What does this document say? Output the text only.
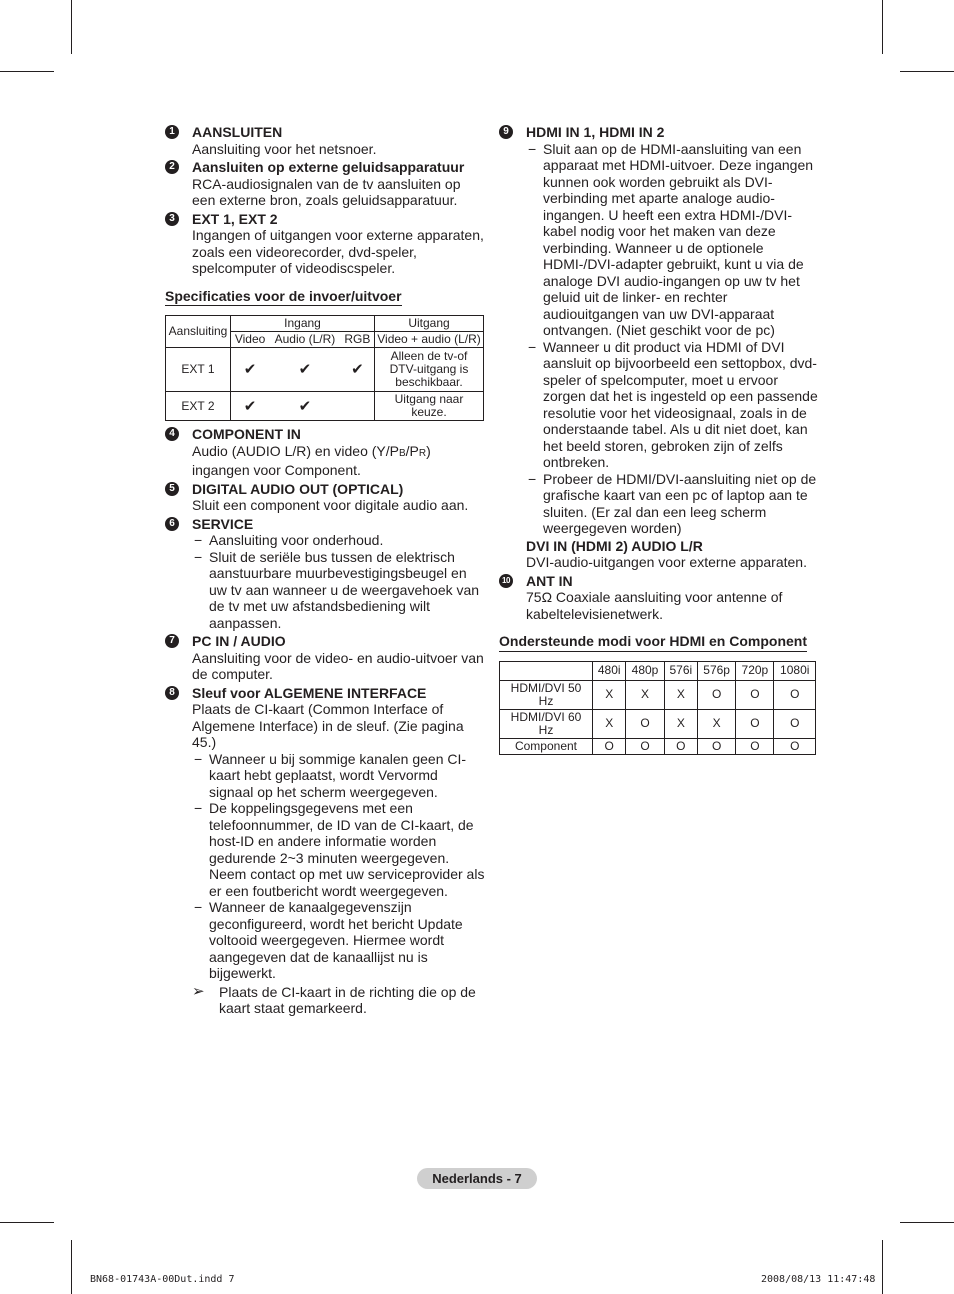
1	AANSLUITEN
Aansluiting voor het netsnoer.
2	Aansluiten op externe geluidsapparatuur
RCA-audiosignalen van de tv aansluiten op een externe bron, zoals geluidsapparatuur.
3	EXT 1, EXT 2
Ingangen of uitgangen voor externe apparaten, zoals een videorecorder, dvd-speler, spelcomputer of videodiscspeler.
Specificaties voor de invoer/uitvoer
Aansluiting	Ingang			Uitgang
	Video	Audio (L/R)	RGB	Video + audio (L/R)
EXT 1	✔	✔	✔	Alleen de tv-of DTV-uitgang is beschikbaar.
EXT 2	✔	✔		Uitgang naar keuze.
4	COMPONENT IN
Audio (AUDIO L/R) en video (Y/PB/PR) ingangen voor Component.
5	DIGITAL AUDIO OUT (OPTICAL)
Sluit een component voor digitale audio aan.
6	SERVICE
− Aansluiting voor onderhoud.
− Sluit de seriële bus tussen de elektrisch aanstuurbare muurbevestigingsbeugel en uw tv aan wanneer u de weergavehoek van de tv met uw afstandsbediening wilt aanpassen.
7	PC IN / AUDIO
Aansluiting voor de video- en audio-uitvoer van de computer.
8	Sleuf voor ALGEMENE INTERFACE
Plaats de CI-kaart (Common Interface of Algemene Interface) in de sleuf. (Zie pagina 45.)
− Wanneer u bij sommige kanalen geen CI-kaart hebt geplaatst, wordt Vervormd signaal op het scherm weergegeven.
− De koppelingsgegevens met een telefoonnummer, de ID van de CI-kaart, de host-ID en andere informatie worden gedurende 2~3 minuten weergegeven. Neem contact op met uw serviceprovider als er een foutbericht wordt weergegeven.
− Wanneer de kanaalgegevenszijn geconfigureerd, wordt het bericht Update voltooid weergegeven. Hiermee wordt aangegeven dat de kanaallijst nu is bijgewerkt.
➢ Plaats de CI-kaart in de richting die op de kaart staat gemarkeerd.
9	HDMI IN 1, HDMI IN 2
− Sluit aan op de HDMI-aansluiting van een apparaat met HDMI-uitvoer. Deze ingangen kunnen ook worden gebruikt als DVI-verbinding met aparte analoge audio-ingangen. U heeft een extra HDMI-/DVI-kabel nodig voor het maken van deze verbinding. Wanneer u de optionele HDMI-/DVI-adapter gebruikt, kunt u via de analoge DVI audio-ingangen op uw tv het geluid uit de linker- en rechter audiouitgangen van uw DVI-apparaat ontvangen. (Niet geschikt voor de pc)
− Wanneer u dit product via HDMI of DVI aansluit op bijvoorbeeld een settopbox, dvd-speler of spelcomputer, moet u ervoor zorgen dat het is ingesteld op een passende resolutie voor het videosignaal, zoals in de onderstaande tabel. Als u dit niet doet, kan het beeld storen, gebroken zijn of zelfs ontbreken.
− Probeer de HDMI/DVI-aansluiting niet op de grafische kaart van een pc of laptop aan te sluiten. (Er zal dan een leeg scherm weergegeven worden)
DVI IN (HDMI 2) AUDIO L/R
DVI-audio-uitgangen voor externe apparaten.
10 ANT IN
75Ω Coaxiale aansluiting voor antenne of kabeltelevisienetwerk.
Ondersteunde modi voor HDMI en Component
	480i	480p	576i	576p	720p	1080i
HDMI/DVI 50 Hz	X	X	X	O	O	O
HDMI/DVI 60 Hz	X	O	X	X	O	O
Component	O	O	O	O	O	O
Nederlands - 7
BN68-01743A-00Dut.indd 7	2008/08/13 11:47:48
